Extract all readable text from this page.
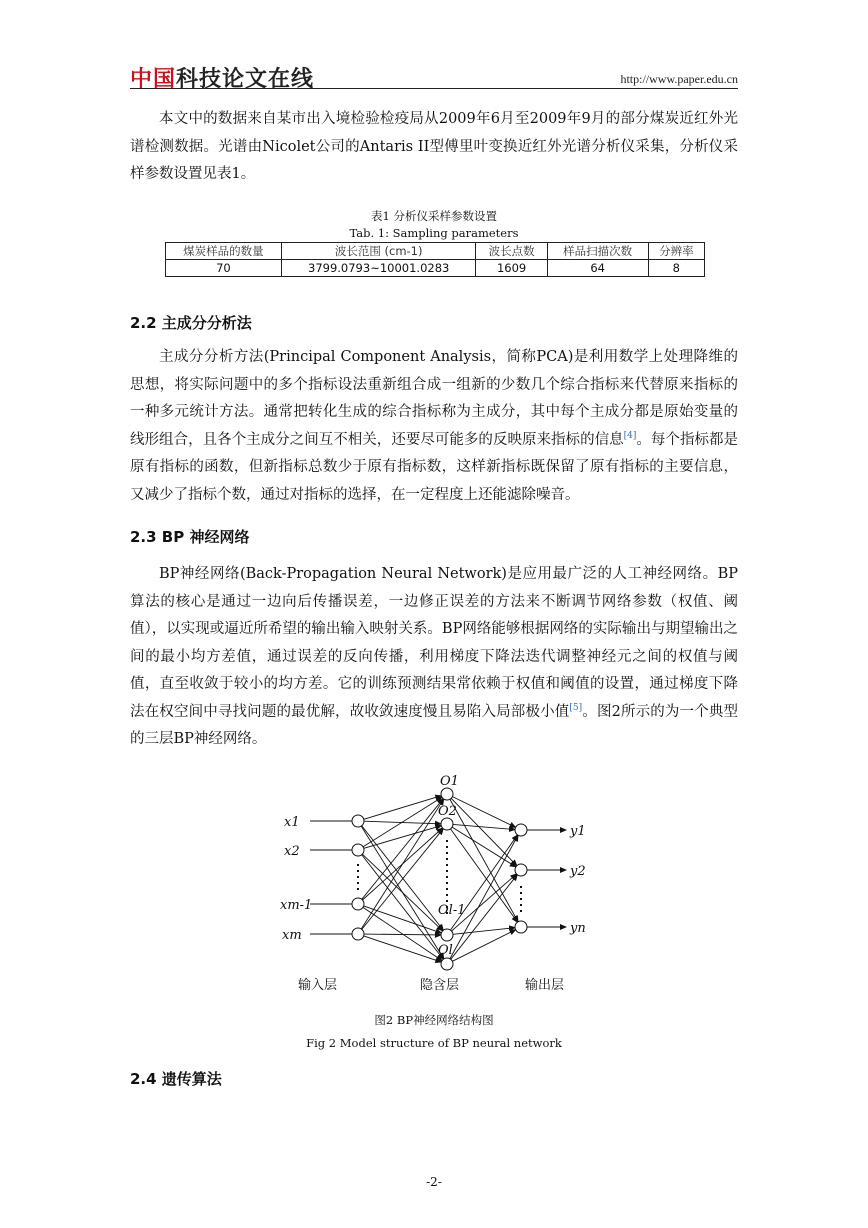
中国科技论文在线	http://www.paper.edu.cn

本文中的数据来自某市出入境检验检疫局从2009年6月至2009年9月的部分煤炭近红外光谱检测数据。光谱由Nicolet公司的Antaris II型傅里叶变换近红外光谱分析仪采集，分析仪采样参数设置见表1。

表1 分析仪采样参数设置
Tab. 1: Sampling parameters
煤炭样品的数量	波长范围 (cm-1)	波长点数	样品扫描次数	分辨率
70	3799.0793~10001.0283	1609	64	8
2.2 主成分分析法

主成分分析方法(Principal Component Analysis，简称PCA)是利用数学上处理降维的思想，将实际问题中的多个指标设法重新组合成一组新的少数几个综合指标来代替原来指标的一种多元统计方法。通常把转化生成的综合指标称为主成分，其中每个主成分都是原始变量的线形组合，且各个主成分之间互不相关，还要尽可能多的反映原来指标的信息[4]。每个指标都是原有指标的函数，但新指标总数少于原有指标数，这样新指标既保留了原有指标的主要信息，又减少了指标个数，通过对指标的选择，在一定程度上还能滤除噪音。

2.3 BP 神经网络

BP神经网络(Back-Propagation Neural Network)是应用最广泛的人工神经网络。BP算法的核心是通过一边向后传播误差，一边修正误差的方法来不断调节网络参数（权值、阈值），以实现或逼近所希望的输出输入映射关系。BP网络能够根据网络的实际输出与期望输出之间的最小均方差值，通过误差的反向传播，利用梯度下降法迭代调整神经元之间的权值与阈值，直至收敛于较小的均方差。它的训练预测结果常依赖于权值和阈值的设置，通过梯度下降法在权空间中寻找问题的最优解，故收敛速度慢且易陷入局部极小值[5]。图2所示的为一个典型的三层BP神经网络。

x1
x2
xm-1
xm
O1
O2
Ol-1
Ol
y1
y2
yn
输入层	隐含层	输出层
图2 BP神经网络结构图
Fig 2 Model structure of BP neural network
2.4 遗传算法
-2-
